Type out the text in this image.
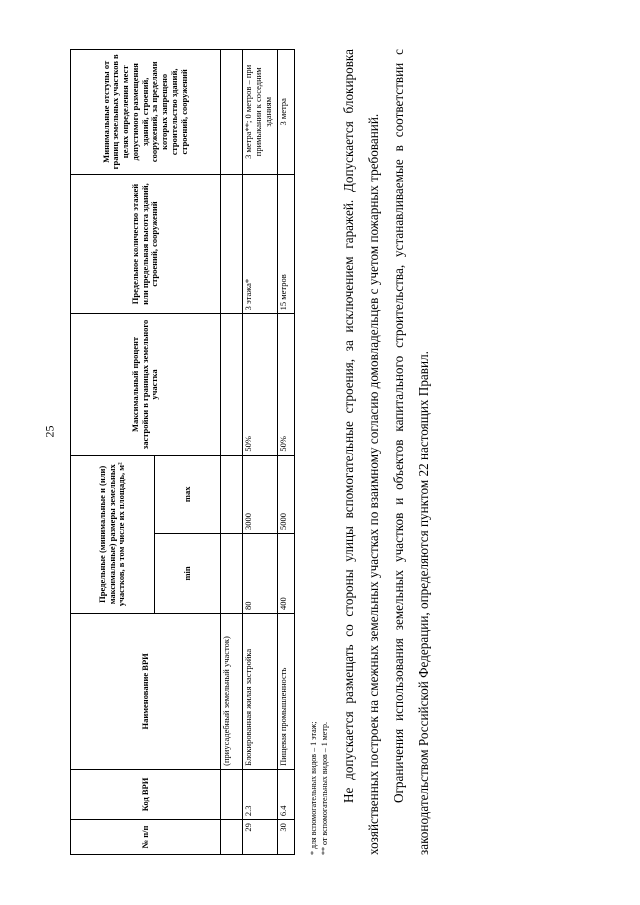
25
№ п/п	Код ВРИ	Наименование ВРИ	Предельные (минимальные и (или) максимальные) размеры земельных участков, в том числе их площадь, м²		Максимальный процент застройки в границах земельного участка	Предельное количество этажей или предельная высота зданий, строений, сооружений	Минимальные отступы от границ земельных участков в целях определения мест допустимого размещения зданий, строений, сооружений, за пределами которых запрещено строительство зданий, строений, сооружений
			min	max			
		(приусадебный земельный участок)					
29	2.3	Блокированная жилая застройка	80	3000	50%	3 этажа*	3 метра**; 0 метров – при примыкании к соседним зданиям
30	6.4	Пищевая промышленность	400	5000	50%	15 метров	3 метра

* для вспомогательных видов – 1 этаж; ** от вспомогательных видов – 1 метр. Не допускается размещать со стороны улицы вспомогательные строения, за исключением гаражей. Допускается блокировка хозяйственных построек на смежных земельных участках по взаимному согласию домовладельцев с учетом пожарных требований. Ограничения использования земельных участков и объектов капитального строительства, устанавливаемые в соответствии с законодательством Российской Федерации, определяются пунктом 22 настоящих Правил.
